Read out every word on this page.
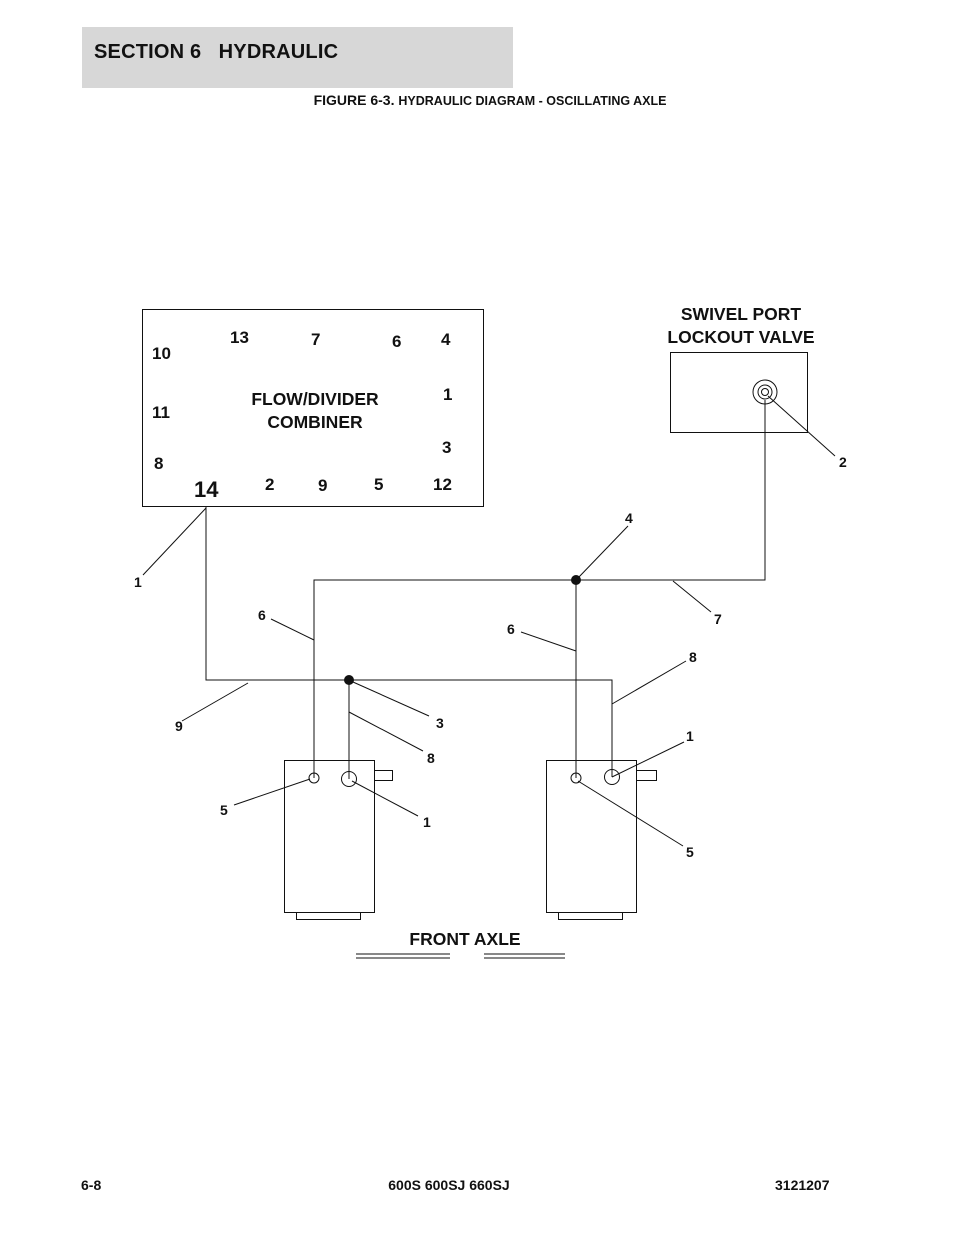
SECTION 6   HYDRAULIC
FIGURE 6-3. HYDRAULIC DIAGRAM - OSCILLATING AXLE
10
13	7	6 4
1
11
3
8
14	2	9	5	12
FLOW/DIVIDER
COMBINER
SWIVEL PORT
LOCKOUT VALVE
FRONT AXLE
1
2
4
6	7
6
8
9	3
8
1
5
1
5
6-8	600S 600SJ 660SJ	3121207
